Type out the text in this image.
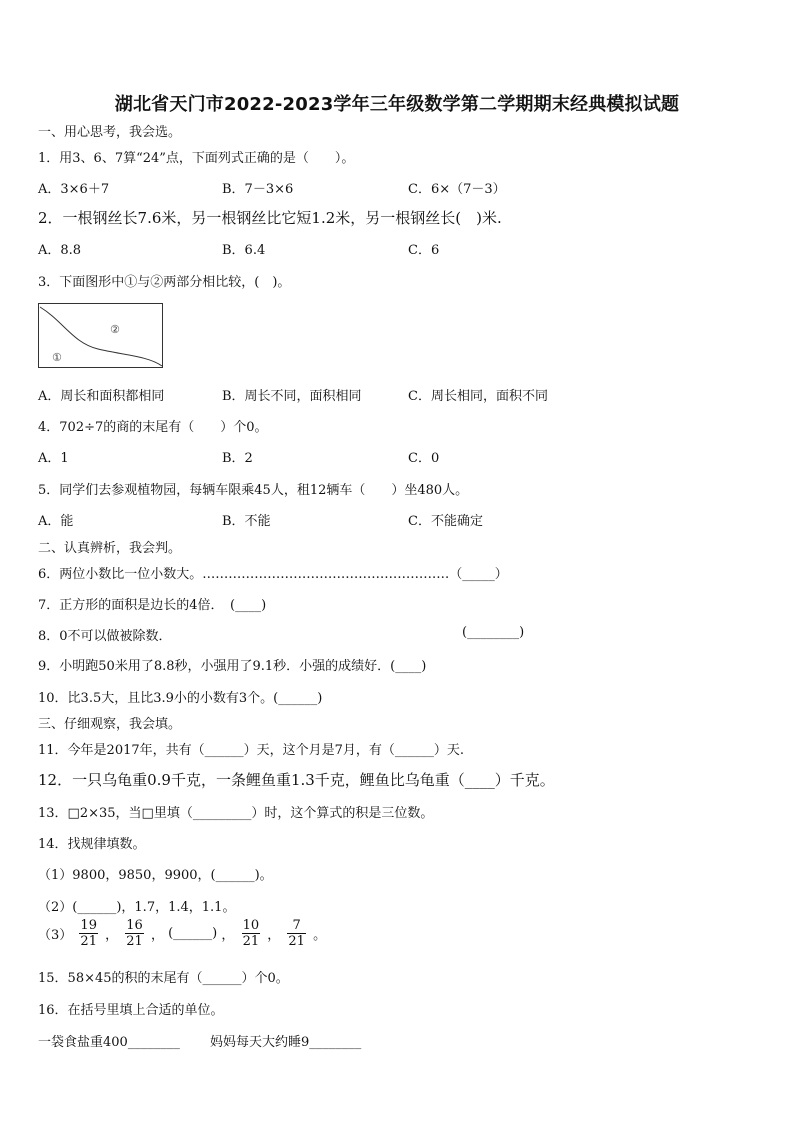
湖北省天门市2022-2023学年三年级数学第二学期期末经典模拟试题
一、用心思考，我会选。
1．用3、6、7算“24”点，下面列式正确的是（　　）。
A．3×6＋7	B．7－3×6	C．6×（7－3）
2．一根钢丝长7.6米，另一根钢丝比它短1.2米，另一根钢丝长(　)米.
A．8.8	B．6.4	C．6
3．下面图形中①与②两部分相比较，(　)。
①
②
A．周长和面积都相同	B．周长不同，面积相同	C．周长相同，面积不同
4．702÷7的商的末尾有（　　）个0。
A．1	B．2	C．0
5．同学们去参观植物园，每辆车限乘45人，租12辆车（　　）坐480人。
A．能	B．不能	C．不能确定
二、认真辨析，我会判。
6．两位小数比一位小数大。…………………………………………………（_____）
7．正方形的面积是边长的4倍．　(____)
8．0不可以做被除数．	(________)
9．小明跑50米用了8.8秒，小强用了9.1秒．小强的成绩好．(____)
10．比3.5大，且比3.9小的小数有3个。(______)
三、仔细观察，我会填。
11．今年是2017年，共有（______）天，这个月是7月，有（______）天.
12．一只乌龟重0.9千克，一条鲤鱼重1.3千克，鲤鱼比乌龟重（____）千克。
13．□2×35，当□里填（_________）时，这个算式的积是三位数。
14．找规律填数。
（1）9800，9850，9900，(______)。
（2）(______)，1.7，1.4，1.1。
$(3) \frac{19}{21}$ ， $\frac{16}{21}$ ， (______) ， $\frac{10}{21}$ ， $\frac{7}{21}$ 。
15．58×45的积的末尾有（______）个0。
16．在括号里填上合适的单位。
一袋食盐重400________ 妈妈每天大约睡9________
